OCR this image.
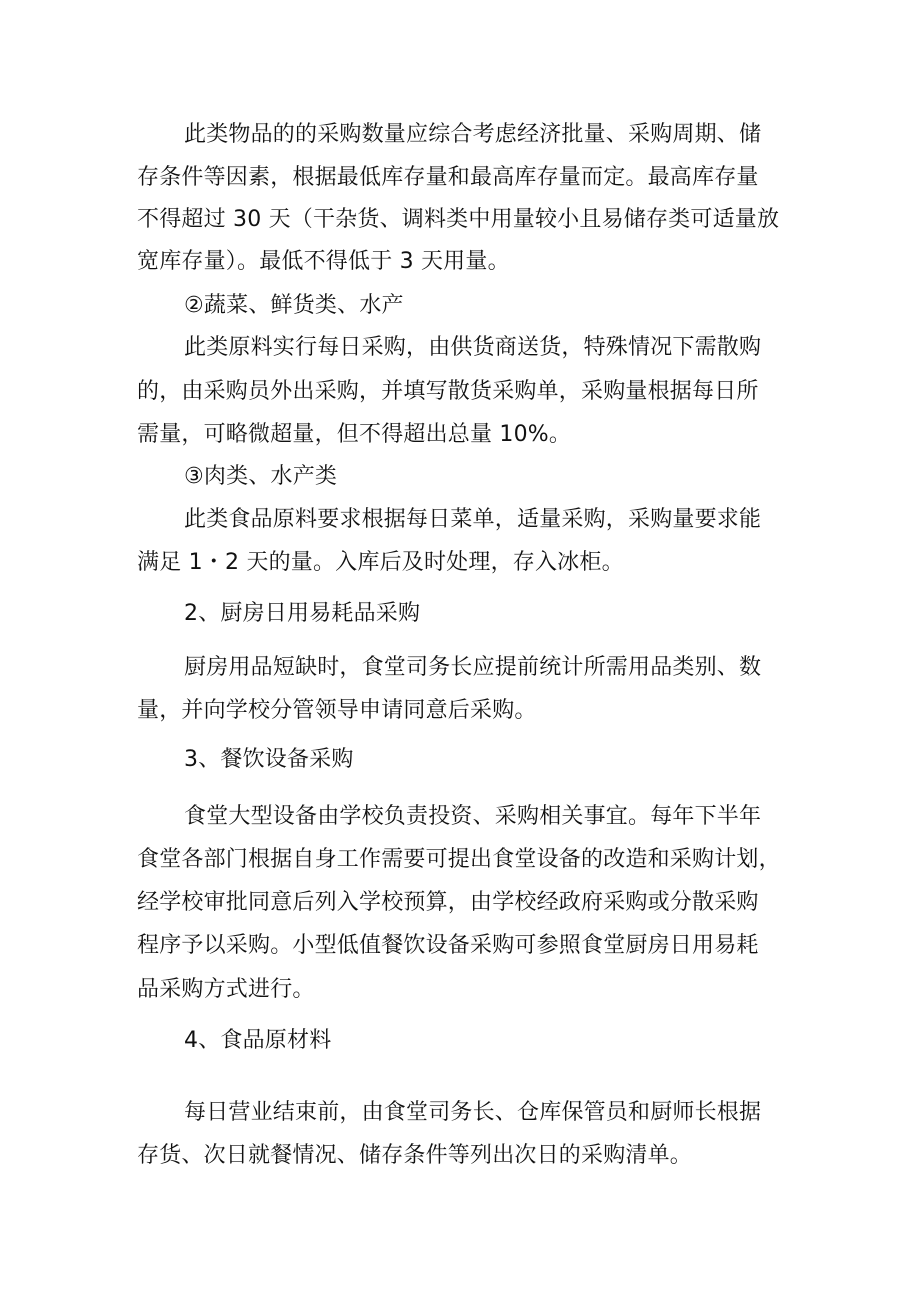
此类物品的的采购数量应综合考虑经济批量、采购周期、储
存条件等因素，根据最低库存量和最高库存量而定。最高库存量
不得超过 30 天（干杂货、调料类中用量较小且易储存类可适量放
宽库存量）。最低不得低于 3 天用量。
②蔬菜、鲜货类、水产
此类原料实行每日采购，由供货商送货，特殊情况下需散购
的，由采购员外出采购，并填写散货采购单，采购量根据每日所
需量，可略微超量，但不得超出总量 10%。
③肉类、水产类
此类食品原料要求根据每日菜单，适量采购，采购量要求能
满足 1・2 天的量。入库后及时处理，存入冰柜。
2、厨房日用易耗品采购
厨房用品短缺时，食堂司务长应提前统计所需用品类别、数
量，并向学校分管领导申请同意后采购。
3、餐饮设备采购
食堂大型设备由学校负责投资、采购相关事宜。每年下半年
食堂各部门根据自身工作需要可提出食堂设备的改造和采购计划，
经学校审批同意后列入学校预算，由学校经政府采购或分散采购
程序予以采购。小型低值餐饮设备采购可参照食堂厨房日用易耗
品采购方式进行。
4、食品原材料
每日营业结束前，由食堂司务长、仓库保管员和厨师长根据
存货、次日就餐情况、储存条件等列出次日的采购清单。
